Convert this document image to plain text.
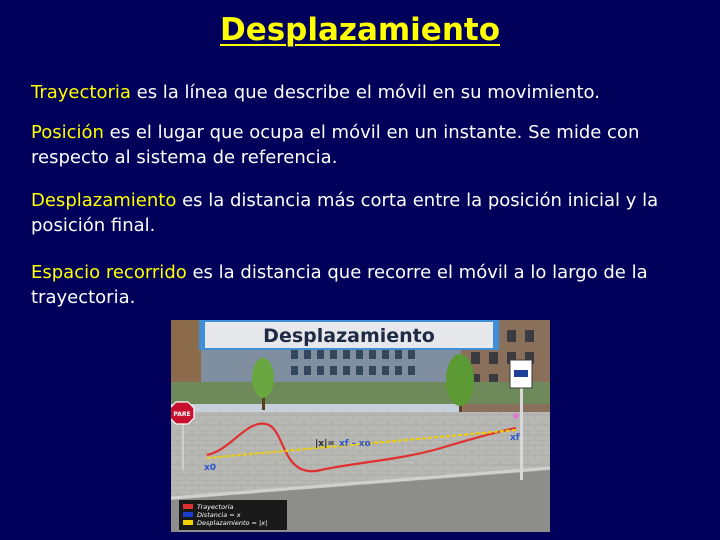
Desplazamiento
Trayectoria es la línea que describe el móvil en su movimiento.
Posición es el lugar que ocupa el móvil en un instante. Se mide con respecto al sistema de referencia.
Desplazamiento es la distancia más corta entre la posición inicial y la posición final.
Espacio recorrido es la distancia que recorre el móvil a lo largo de la trayectoria.
Desplazamiento
PARE
|x|= xf - xo
x0
xf
Trayectoria
Distancia = x
Desplazamiento = |x|
